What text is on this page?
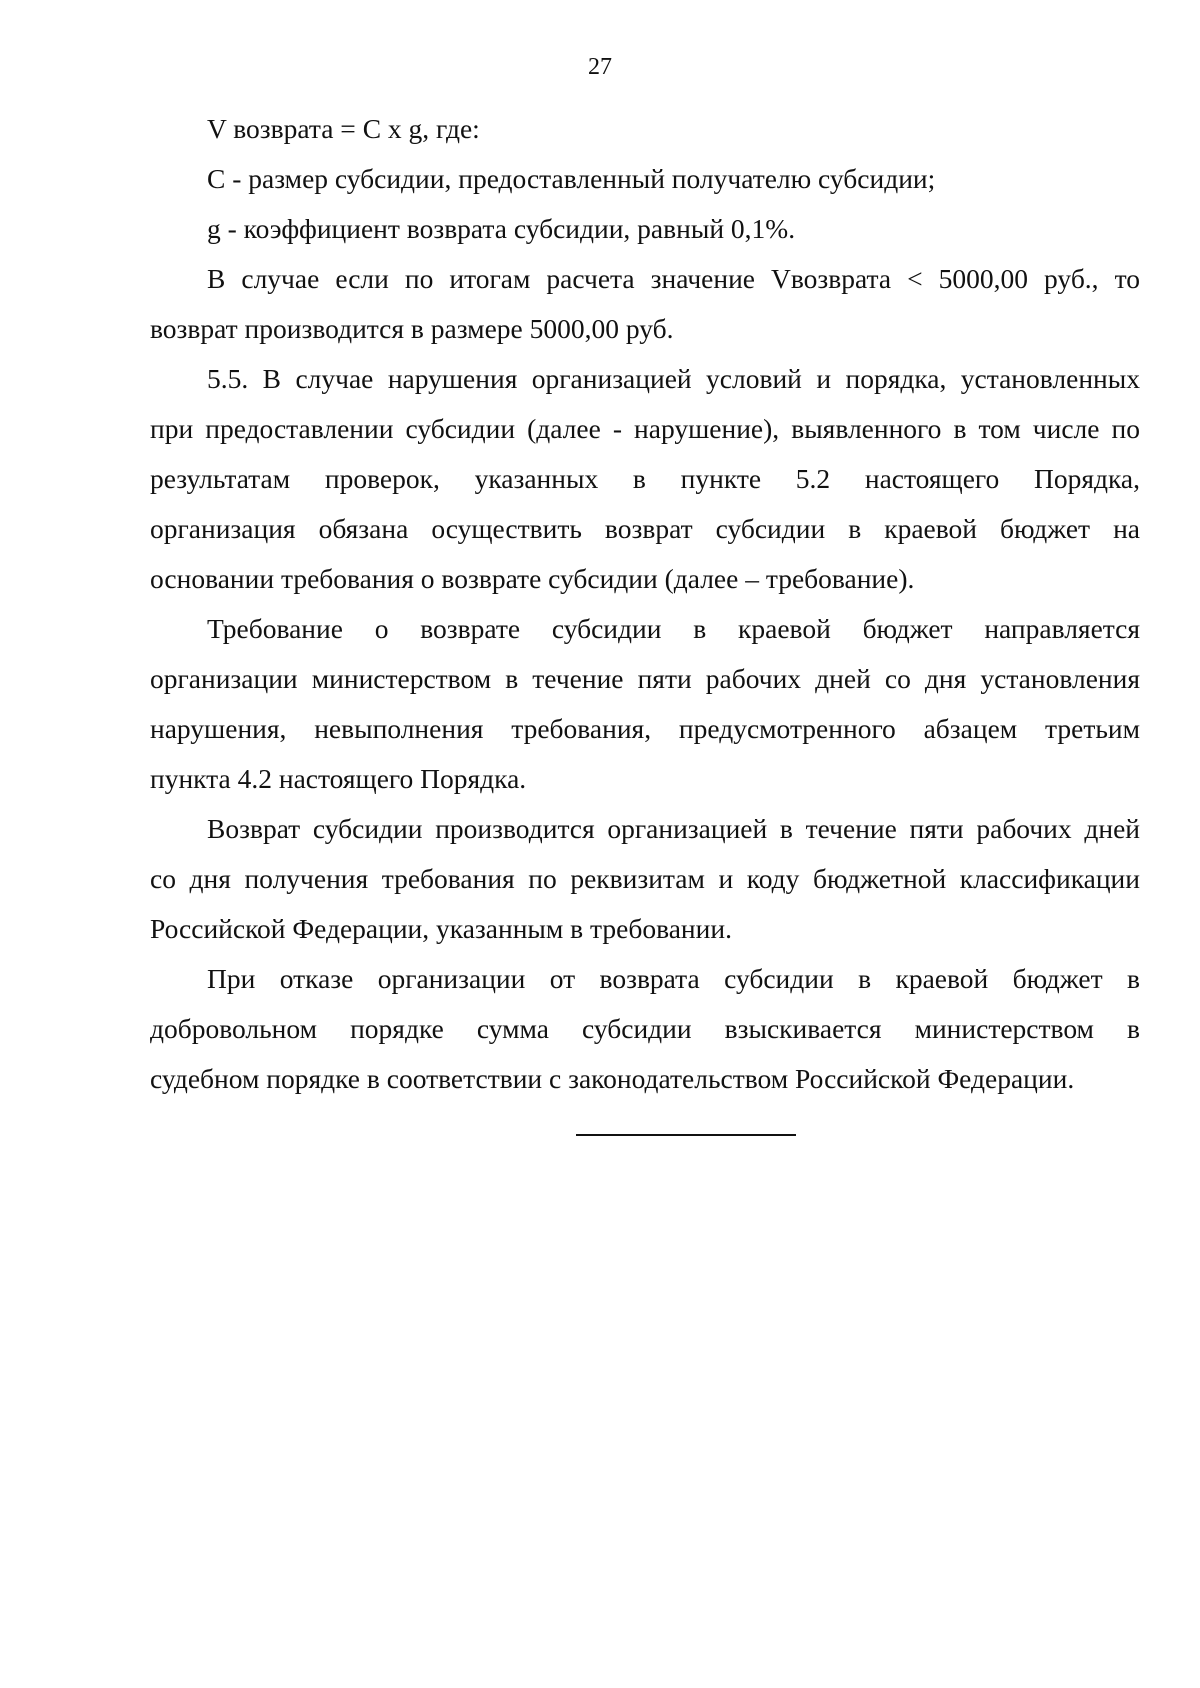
27

V возврата = C x g, где:

C - размер субсидии, предоставленный получателю субсидии;

g - коэффициент возврата субсидии, равный 0,1%.

В случае если по итогам расчета значение Vвозврата < 5000,00 руб., то

возврат производится в размере 5000,00 руб.

5.5. В случае нарушения организацией условий и порядка, установленных

при предоставлении субсидии (далее - нарушение), выявленного в том числе по

результатам проверок, указанных в пункте 5.2 настоящего Порядка,

организация обязана осуществить возврат субсидии в краевой бюджет на

основании требования о возврате субсидии (далее – требование).

Требование о возврате субсидии в краевой бюджет направляется

организации министерством в течение пяти рабочих дней со дня установления

нарушения, невыполнения требования, предусмотренного абзацем третьим

пункта 4.2 настоящего Порядка.

Возврат субсидии производится организацией в течение пяти рабочих дней

со дня получения требования по реквизитам и коду бюджетной классификации

Российской Федерации, указанным в требовании.

При отказе организации от возврата субсидии в краевой бюджет в

добровольном порядке сумма субсидии взыскивается министерством в

судебном порядке в соответствии с законодательством Российской Федерации.
